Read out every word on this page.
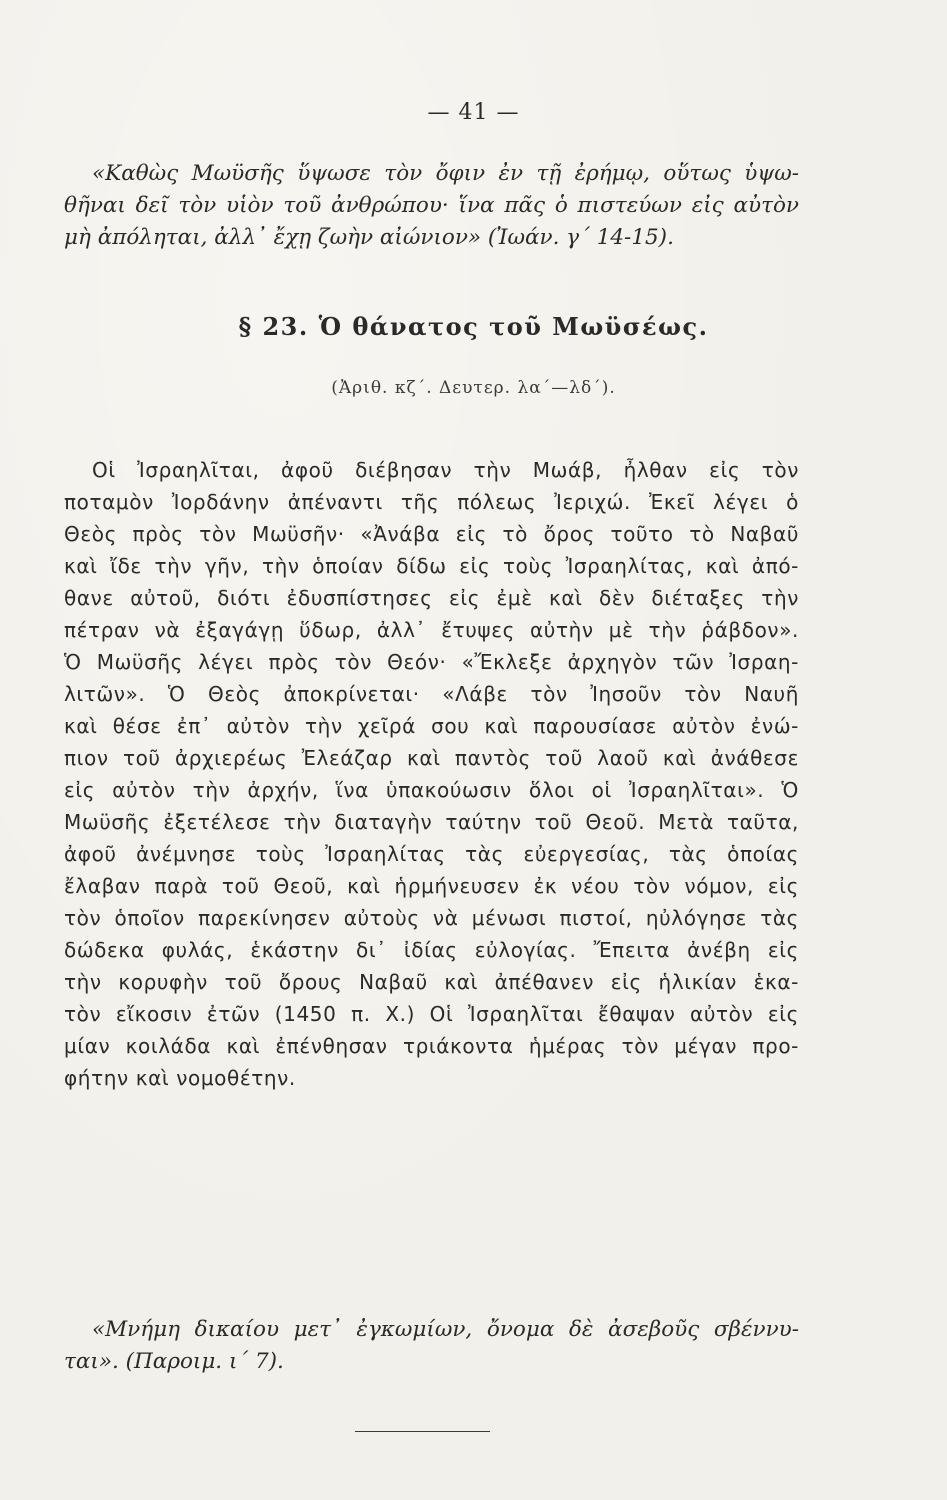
— 41 —
«Καθὼς Μωϋσῆς ὕψωσε τὸν ὄφιν ἐν τῇ ἐρήμῳ, οὕτως ὑψω-
θῆναι δεῖ τὸν υἱὸν τοῦ ἀνθρώπου· ἵνα πᾶς ὁ πιστεύων εἰς αὐτὸν
μὴ ἀπόληται, ἀλλ᾽ ἔχῃ ζωὴν αἰώνιον» (Ἰωάν. γ΄ 14-15).
§ 23. Ὁ θάνατος τοῦ Μωϋσέως.
(Ἀριθ. κζ΄. Δευτερ. λα΄—λδ΄).
Οἱ Ἰσραηλῖται, ἀφοῦ διέβησαν τὴν Μωάβ, ἦλθαν εἰς τὸν
ποταμὸν Ἰορδάνην ἀπέναντι τῆς πόλεως Ἰεριχώ. Ἐκεῖ λέγει ὁ
Θεὸς πρὸς τὸν Μωϋσῆν· «Ἀνάβα εἰς τὸ ὄρος τοῦτο τὸ Ναβαῦ
καὶ ἴδε τὴν γῆν, τὴν ὁποίαν δίδω εἰς τοὺς Ἰσραηλίτας, καὶ ἀπό-
θανε αὐτοῦ, διότι ἐδυσπίστησες εἰς ἐμὲ καὶ δὲν διέταξες τὴν
πέτραν νὰ ἐξαγάγῃ ὕδωρ, ἀλλ᾽ ἔτυψες αὐτὴν μὲ τὴν ῥάβδον».
Ὁ Μωϋσῆς λέγει πρὸς τὸν Θεόν· «Ἔκλεξε ἀρχηγὸν τῶν Ἰσραη-
λιτῶν». Ὁ Θεὸς ἀποκρίνεται· «Λάβε τὸν Ἰησοῦν τὸν Ναυῆ
καὶ θέσε ἐπ᾽ αὐτὸν τὴν χεῖρά σου καὶ παρουσίασε αὐτὸν ἐνώ-
πιον τοῦ ἀρχιερέως Ἐλεάζαρ καὶ παντὸς τοῦ λαοῦ καὶ ἀνάθεσε
εἰς αὐτὸν τὴν ἀρχήν, ἵνα ὑπακούωσιν ὅλοι οἱ Ἰσραηλῖται». Ὁ
Μωϋσῆς ἐξετέλεσε τὴν διαταγὴν ταύτην τοῦ Θεοῦ. Μετὰ ταῦτα,
ἀφοῦ ἀνέμνησε τοὺς Ἰσραηλίτας τὰς εὐεργεσίας, τὰς ὁποίας
ἔλαβαν παρὰ τοῦ Θεοῦ, καὶ ἡρμήνευσεν ἐκ νέου τὸν νόμον, εἰς
τὸν ὁποῖον παρεκίνησεν αὐτοὺς νὰ μένωσι πιστοί, ηὐλόγησε τὰς
δώδεκα φυλάς, ἑκάστην δι᾽ ἰδίας εὐλογίας. Ἔπειτα ἀνέβη εἰς
τὴν κορυφὴν τοῦ ὄρους Ναβαῦ καὶ ἀπέθανεν εἰς ἡλικίαν ἑκα-
τὸν εἴκοσιν ἐτῶν (1450 π. Χ.) Οἱ Ἰσραηλῖται ἔθαψαν αὐτὸν εἰς
μίαν κοιλάδα καὶ ἐπένθησαν τριάκοντα ἡμέρας τὸν μέγαν προ-
φήτην καὶ νομοθέτην.
«Μνήμη δικαίου μετ᾽ ἐγκωμίων, ὄνομα δὲ ἀσεβοῦς σβέννυ-
ται». (Παροιμ. ι΄ 7).
